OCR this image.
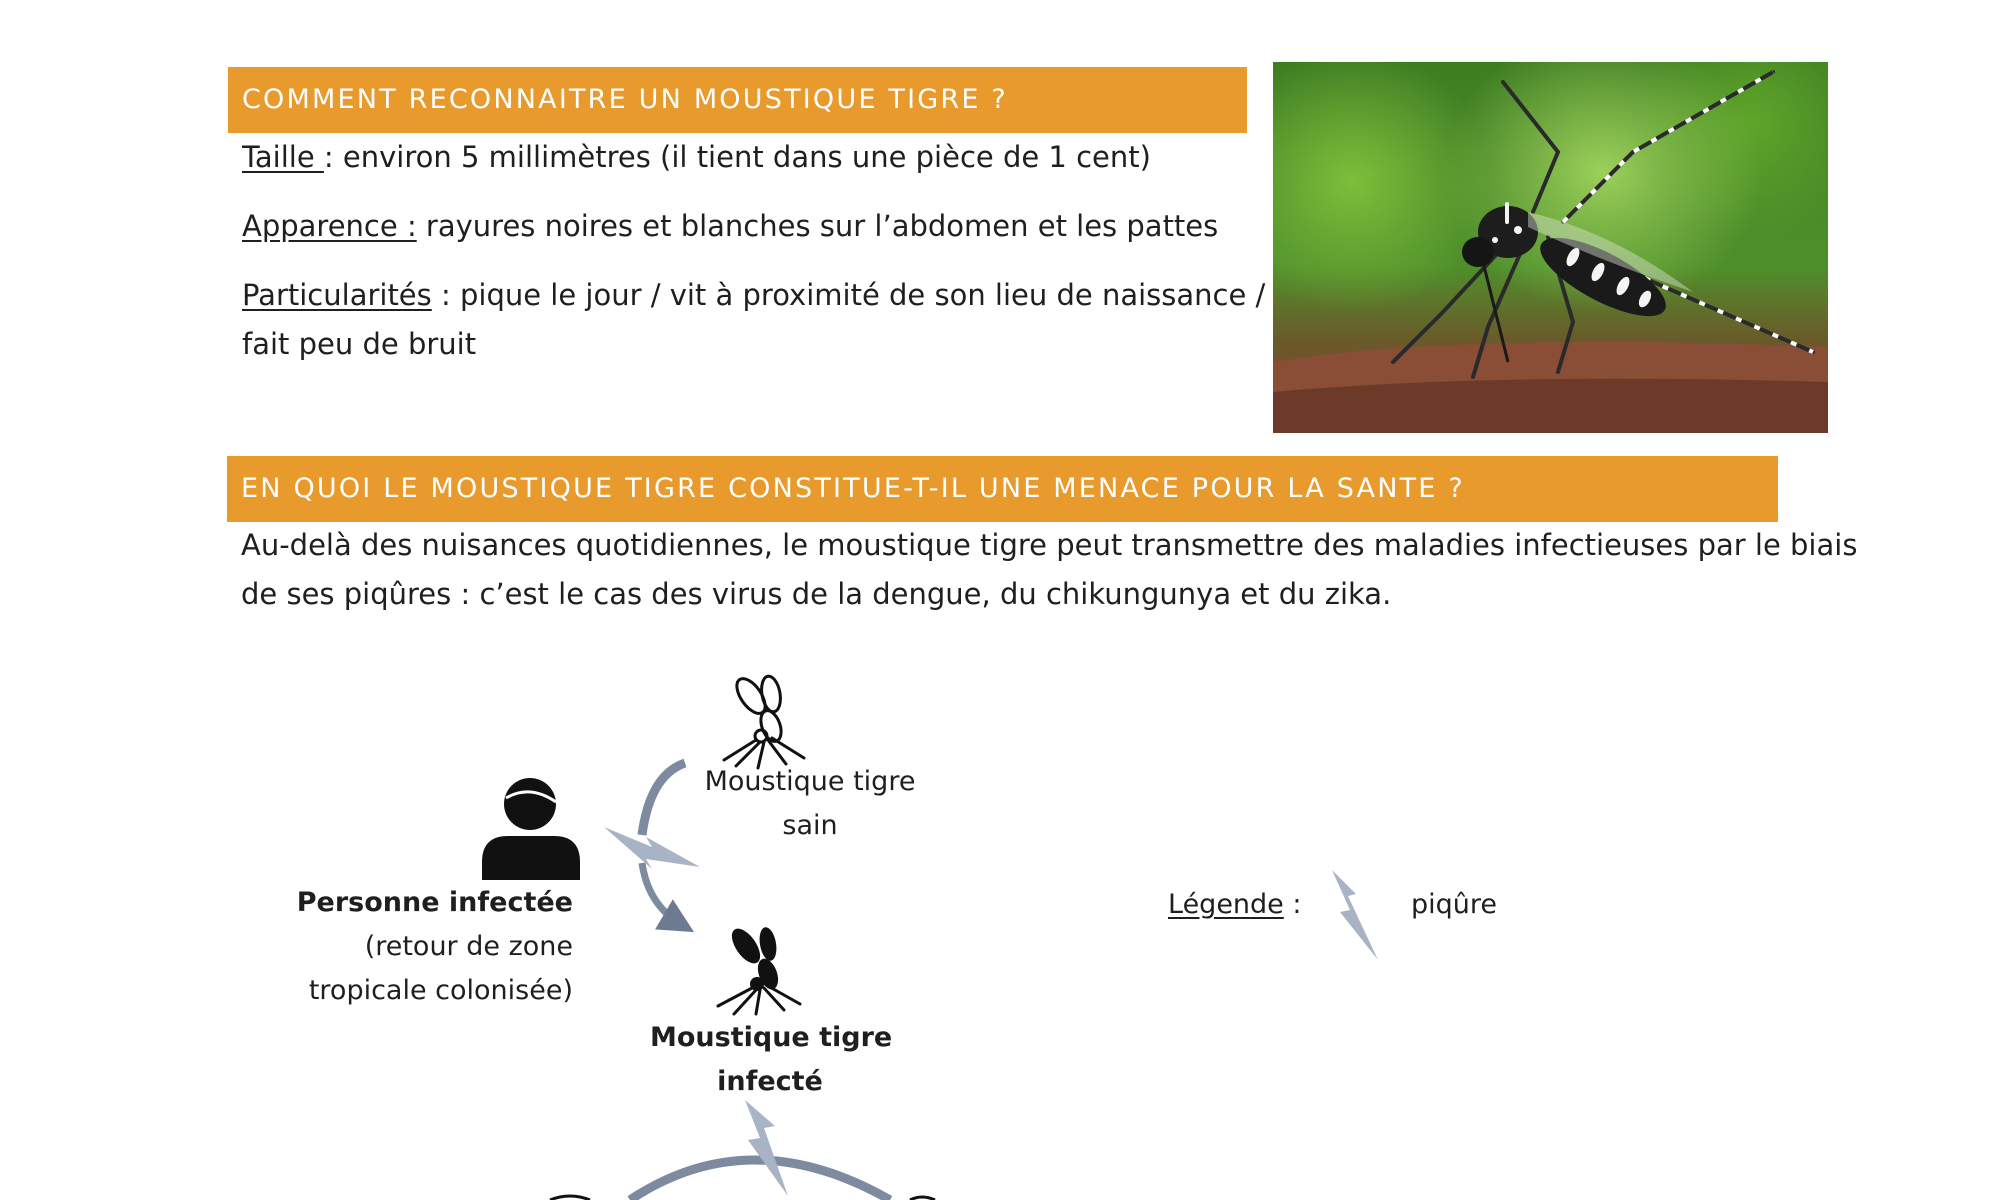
COMMENT RECONNAITRE UN MOUSTIQUE TIGRE ?
Taille : environ 5 millimètres (il tient dans une pièce de 1 cent)
Apparence : rayures noires et blanches sur l’abdomen et les pattes
Particularités : pique le jour / vit à proximité de son lieu de naissance /
fait peu de bruit
EN QUOI LE MOUSTIQUE TIGRE CONSTITUE-T-IL UNE MENACE POUR LA SANTE ?
Au-delà des nuisances quotidiennes, le moustique tigre peut transmettre des maladies infectieuses par le biais
de ses piqûres : c’est le cas des virus de la dengue, du chikungunya et du zika.
Moustique tigre
sain
Personne infectée
(retour de zone
tropicale colonisée)
Moustique tigre
infecté
Légende :	piqûre
